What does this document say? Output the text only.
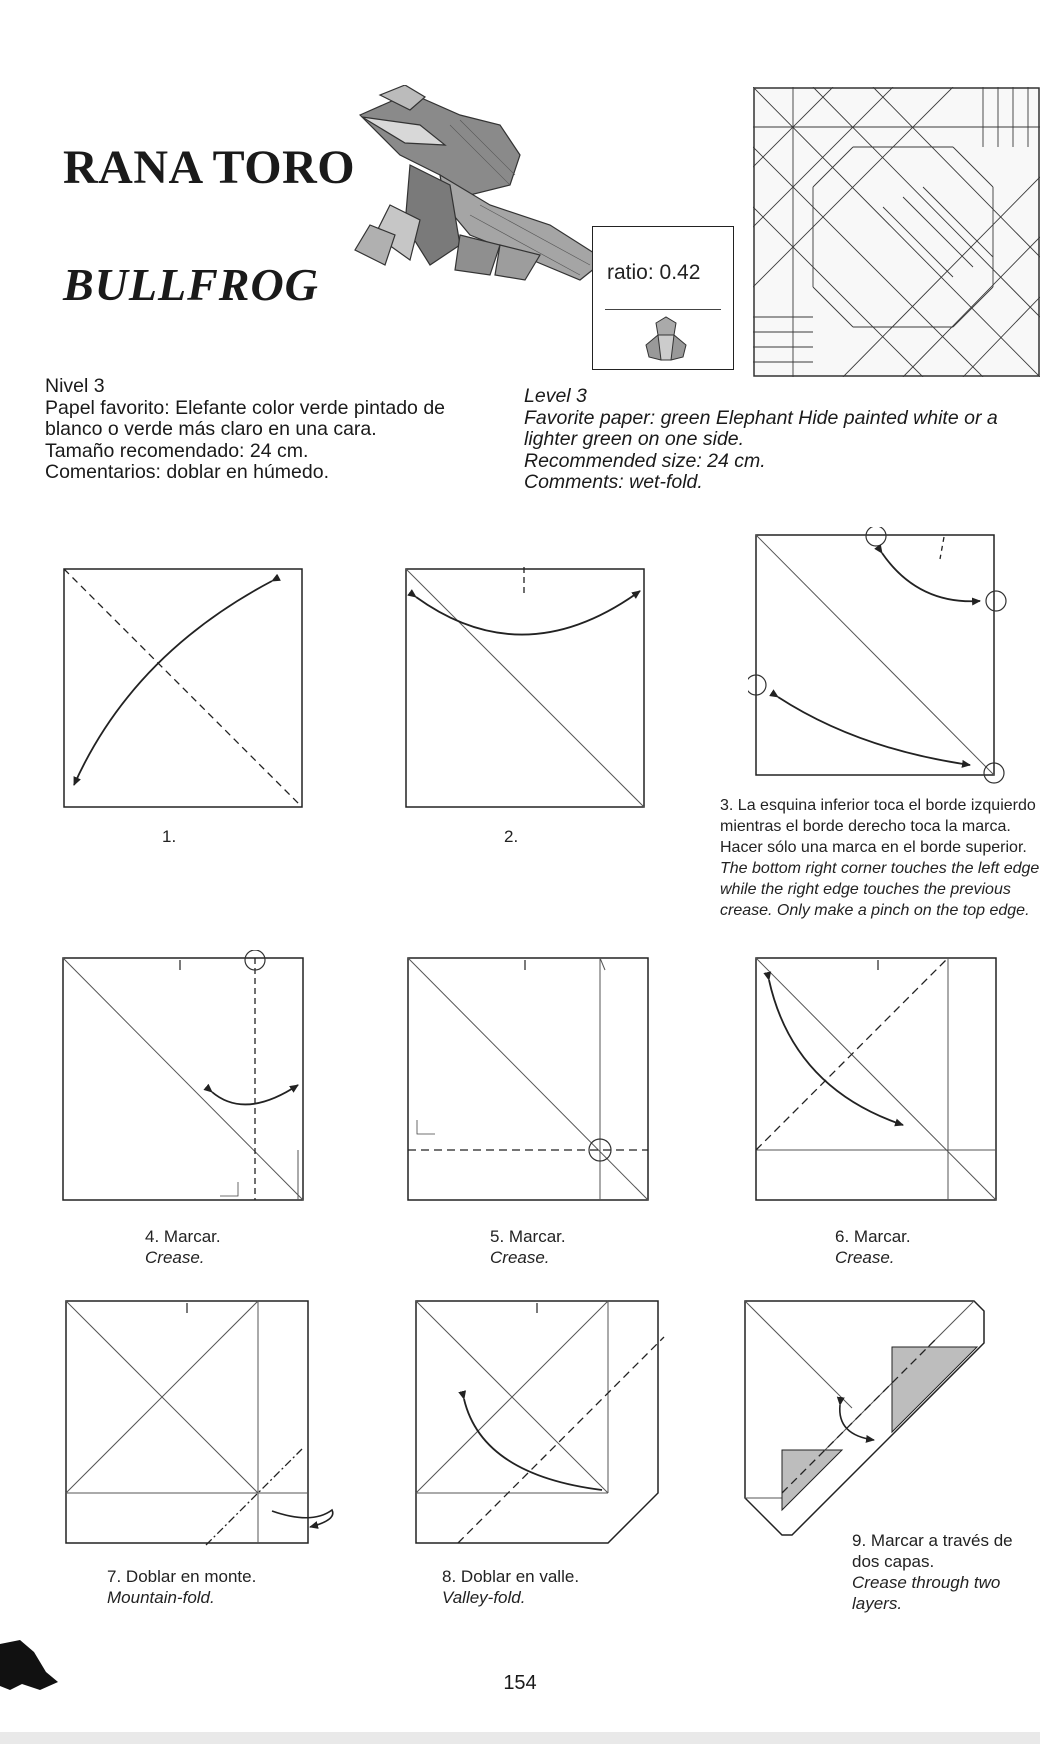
RANA TORO
BULLFROG	ratio: 0.42
Nivel 3
Papel favorito: Elefante color verde pintado de
blanco o verde más claro en una cara.
Tamaño recomendado: 24 cm.
Comentarios: doblar en húmedo.
Level 3
Favorite paper: green Elephant Hide painted white or a
lighter green on one side.
Recommended size: 24 cm.
Comments: wet-fold.
1.	2.
3. La esquina inferior toca el borde izquierdo
mientras el borde derecho toca la marca.
Hacer sólo una marca en el borde superior.
The bottom right corner touches the left edge
while the right edge touches the previous
crease. Only make a pinch on the top edge.
4. Marcar.
Crease.
5. Marcar.
Crease.
6. Marcar.
Crease.
7. Doblar en monte.
Mountain-fold.
8. Doblar en valle.
Valley-fold.
9. Marcar a través de
dos capas.
Crease through two
layers.
154
